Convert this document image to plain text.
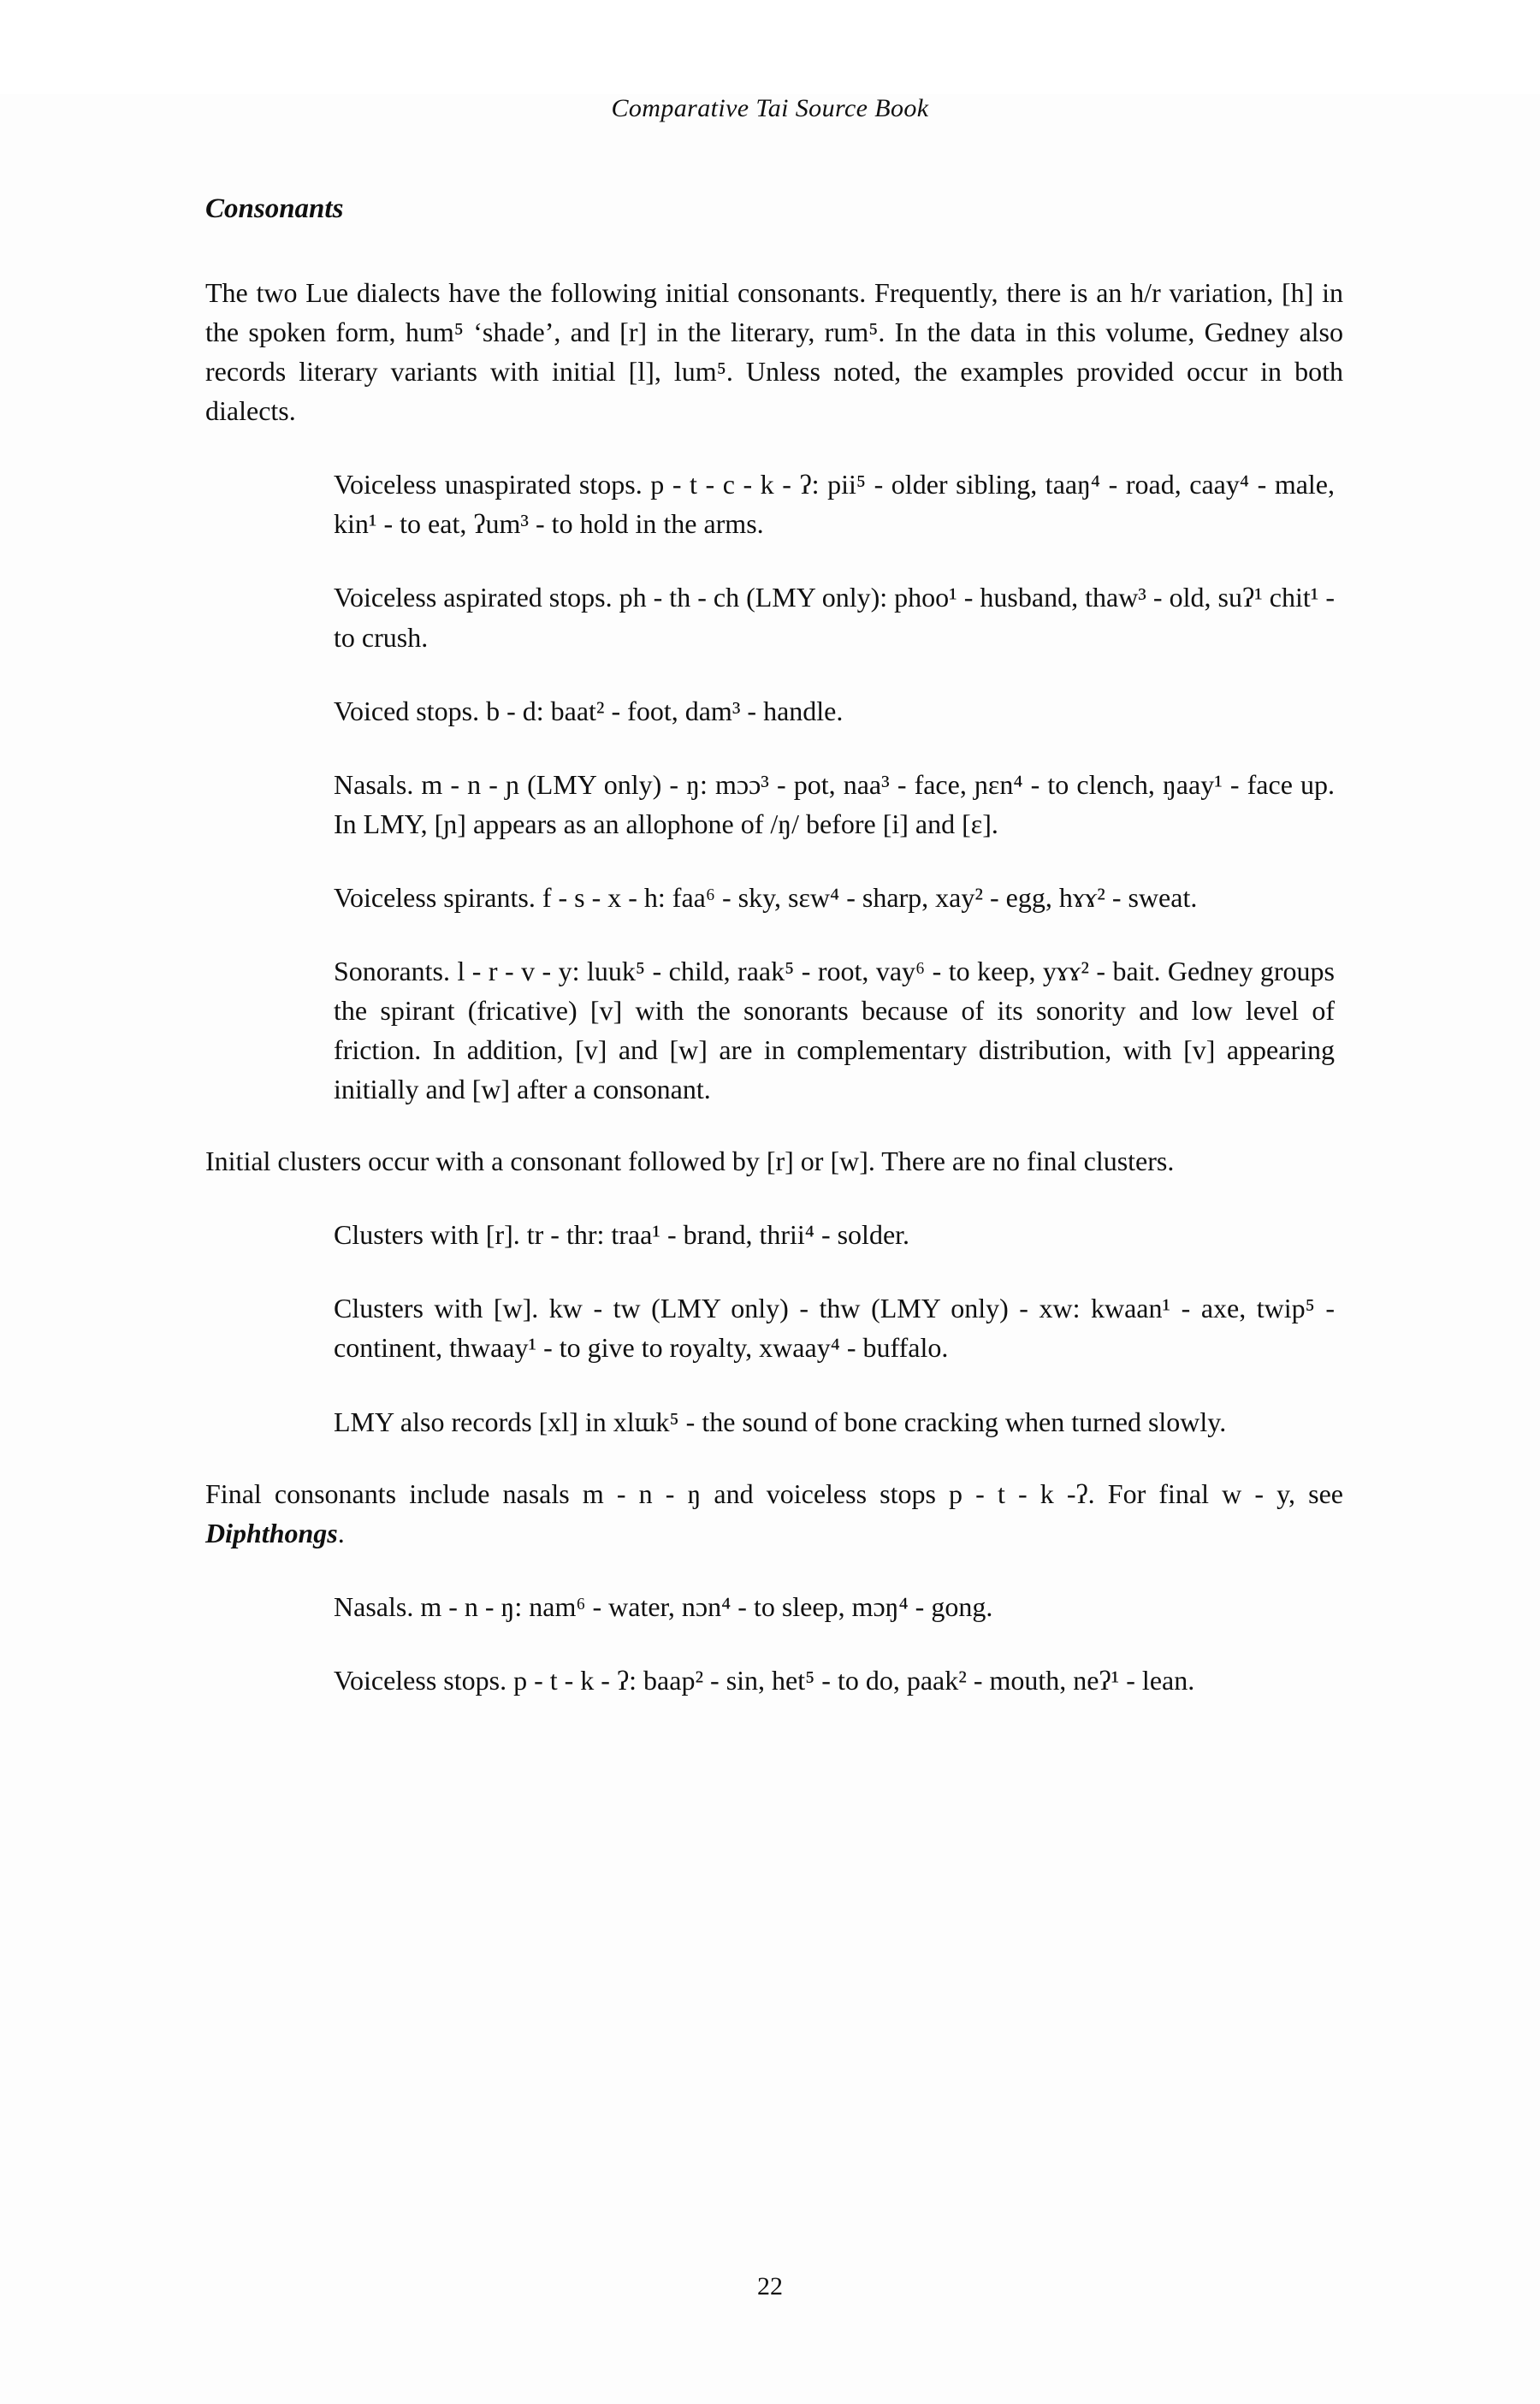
Comparative Tai Source Book
Consonants

The two Lue dialects have the following initial consonants. Frequently, there is an h/r variation, [h] in the spoken form, hum⁵ ‘shade’, and [r] in the literary, rum⁵. In the data in this volume, Gedney also records literary variants with initial [l], lum⁵. Unless noted, the examples provided occur in both dialects.

Voiceless unaspirated stops. p - t - c - k - ʔ: pii⁵ - older sibling, taaŋ⁴ - road, caay⁴ - male, kin¹ - to eat, ʔum³ - to hold in the arms.

Voiceless aspirated stops. ph - th - ch (LMY only): phoo¹ - husband, thaw³ - old, suʔ¹ chit¹ - to crush.

Voiced stops. b - d: baat² - foot, dam³ - handle.

Nasals. m - n - ɲ (LMY only) - ŋ: mɔɔ³ - pot, naa³ - face, ɲɛn⁴ - to clench, ŋaay¹ - face up. In LMY, [ɲ] appears as an allophone of /ŋ/ before [i] and [ɛ].

Voiceless spirants. f - s - x - h: faa⁶ - sky, sɛw⁴ - sharp, xay² - egg, hɤɤ² - sweat.

Sonorants. l - r - v - y: luuk⁵ - child, raak⁵ - root, vay⁶ - to keep, yɤɤ² - bait. Gedney groups the spirant (fricative) [v] with the sonorants because of its sonority and low level of friction. In addition, [v] and [w] are in complementary distribution, with [v] appearing initially and [w] after a consonant.

Initial clusters occur with a consonant followed by [r] or [w]. There are no final clusters.

Clusters with [r]. tr - thr: traa¹ - brand, thrii⁴ - solder.

Clusters with [w]. kw - tw (LMY only) - thw (LMY only) - xw: kwaan¹ - axe, twip⁵ - continent, thwaay¹ - to give to royalty, xwaay⁴ - buffalo.

LMY also records [xl] in xlɯk⁵ - the sound of bone cracking when turned slowly.

Final consonants include nasals m - n - ŋ and voiceless stops p - t - k -ʔ. For final w - y, see Diphthongs.

Nasals. m - n - ŋ: nam⁶ - water, nɔn⁴ - to sleep, mɔŋ⁴ - gong.

Voiceless stops. p - t - k - ʔ: baap² - sin, het⁵ - to do, paak² - mouth, neʔ¹ - lean.

22
